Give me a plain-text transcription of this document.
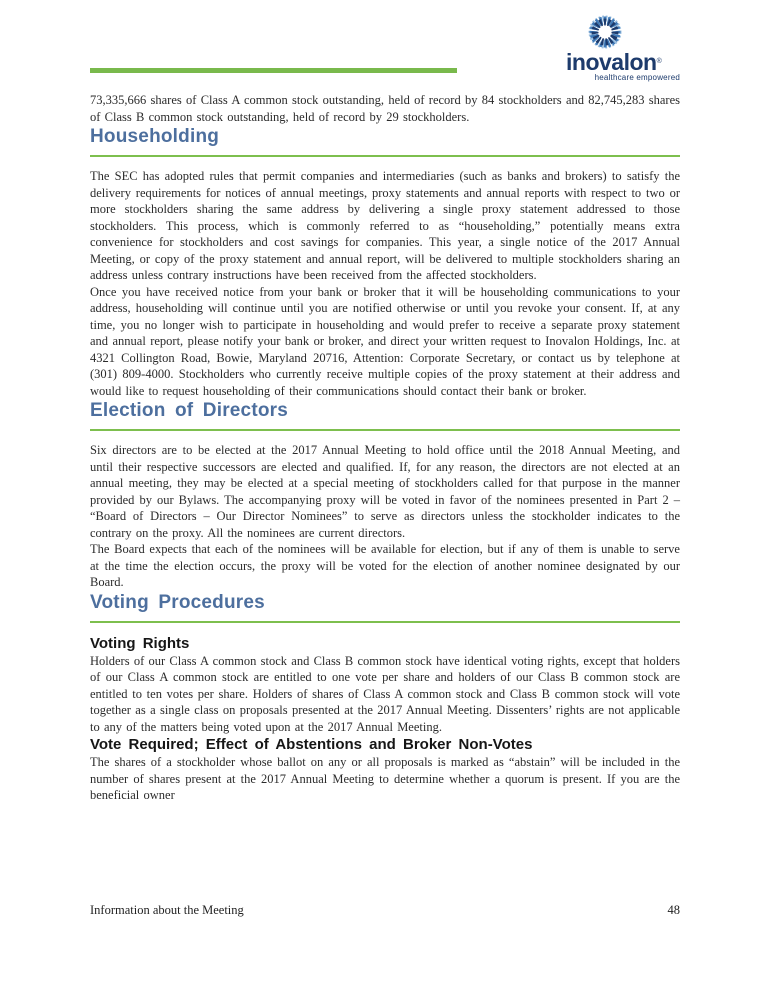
inovalon®
healthcare empowered

73,335,666 shares of Class A common stock outstanding, held of record by 84 stockholders and 82,745,283 shares of Class B common stock outstanding, held of record by 29 stockholders.

Householding

The SEC has adopted rules that permit companies and intermediaries (such as banks and brokers) to satisfy the delivery requirements for notices of annual meetings, proxy statements and annual reports with respect to two or more stockholders sharing the same address by delivering a single proxy statement addressed to those stockholders. This process, which is commonly referred to as “householding,” potentially means extra convenience for stockholders and cost savings for companies. This year, a single notice of the 2017 Annual Meeting, or copy of the proxy statement and annual report, will be delivered to multiple stockholders sharing an address unless contrary instructions have been received from the affected stockholders.

Once you have received notice from your bank or broker that it will be householding communications to your address, householding will continue until you are notified otherwise or until you revoke your consent. If, at any time, you no longer wish to participate in householding and would prefer to receive a separate proxy statement and annual report, please notify your bank or broker, and direct your written request to Inovalon Holdings, Inc. at 4321 Collington Road, Bowie, Maryland 20716, Attention: Corporate Secretary, or contact us by telephone at (301) 809-4000. Stockholders who currently receive multiple copies of the proxy statement at their address and would like to request householding of their communications should contact their bank or broker.

Election of Directors

Six directors are to be elected at the 2017 Annual Meeting to hold office until the 2018 Annual Meeting, and until their respective successors are elected and qualified. If, for any reason, the directors are not elected at an annual meeting, they may be elected at a special meeting of stockholders called for that purpose in the manner provided by our Bylaws. The accompanying proxy will be voted in favor of the nominees presented in Part 2 – “Board of Directors – Our Director Nominees” to serve as directors unless the stockholder indicates to the contrary on the proxy. All the nominees are current directors.

The Board expects that each of the nominees will be available for election, but if any of them is unable to serve at the time the election occurs, the proxy will be voted for the election of another nominee designated by our Board.

Voting Procedures
Voting Rights

Holders of our Class A common stock and Class B common stock have identical voting rights, except that holders of our Class A common stock are entitled to one vote per share and holders of our Class B common stock are entitled to ten votes per share. Holders of shares of Class A common stock and Class B common stock will vote together as a single class on proposals presented at the 2017 Annual Meeting. Dissenters’ rights are not applicable to any of the matters being voted upon at the 2017 Annual Meeting.

Vote Required; Effect of Abstentions and Broker Non-Votes

The shares of a stockholder whose ballot on any or all proposals is marked as “abstain” will be included in the number of shares present at the 2017 Annual Meeting to determine whether a quorum is present. If you are the beneficial owner

Information about the Meeting	48
